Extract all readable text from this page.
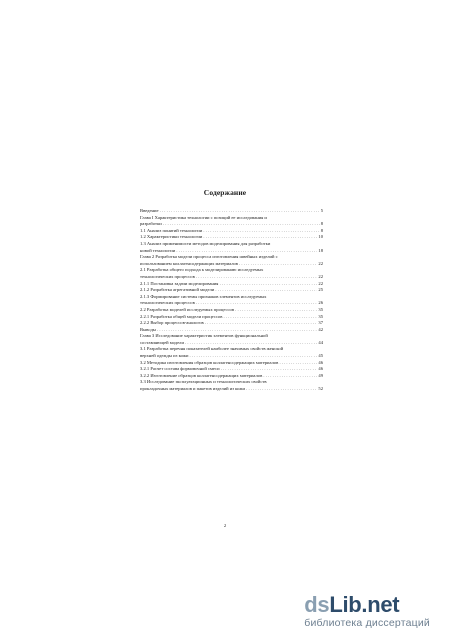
Содержание
Введение . . .	5
Глава I Характеристика технологии с позиций ее исследования и
разработки . . .	8
1.1 Анализ понятий технологии . . .	8
1.2 Характеристики технологии . . .	10
1.3 Анализ применимости методов моделирования для разработки
новой технологии . . .	18
Глава 2 Разработка модели процесса изготовления швейных изделий с
использованием коллагенсодержащих материалов . . .	22
2.1 Разработка общего подхода к моделированию исследуемых
технологических процессов . . .	22
2.1.1 Постановка задачи моделирования . . .	22
2.1.2 Разработка агрегативной модели . . .	25
2.1.3 Формирование системы признаков элементов исследуемых
технологических процессов . . .	26
2.2 Разработка моделей исследуемых процессов . . .	35
2.2.1 Разработка общей модели процессов . . .	35
2.2.2 Выбор процессов-аналогов . . .	37
Выводы . . .	42
Глава 3 Исследование характеристик элементов функциональной
составляющей модели . . .	44
3.1 Разработка перечня показателей наиболее значимых свойств женской
верхней одежды из кожи . . .	45
3.2 Методика изготовления образцов коллагенсодержащих материалов . . .	46
3.2.1 Расчет состава формовочной смеси . . .	46
3.2.2 Изготовление образцов коллагенсодержащих материалов . . .	49
3.3 Исследование эксплуатационных и технологических свойств
прокладочных материалов и пакетов изделий из кожи . . .	52
2
dsLib.net
библиотека диссертаций
